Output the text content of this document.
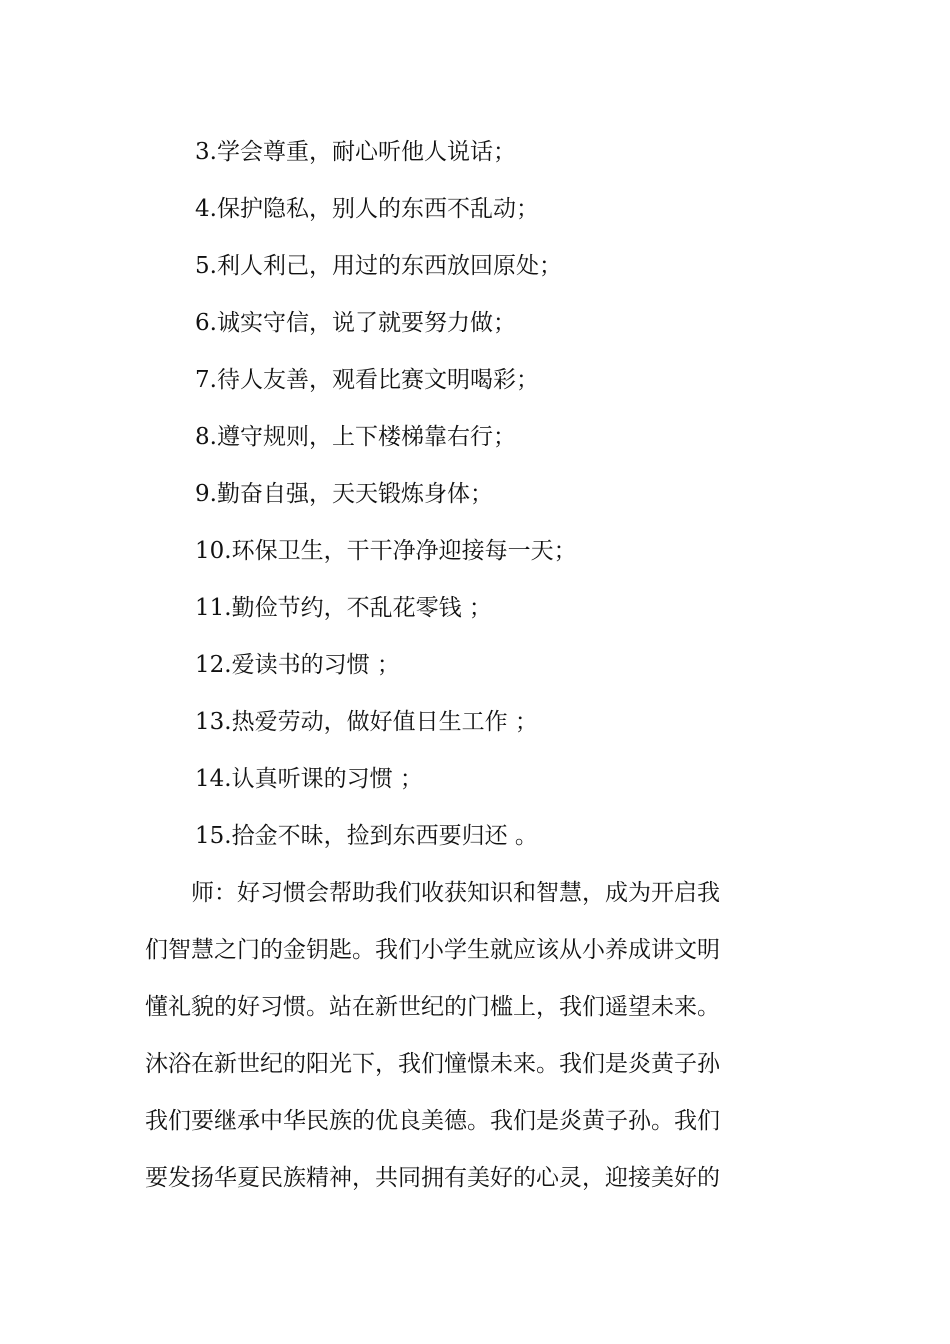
3.学会尊重，耐心听他人说话；

4.保护隐私，别人的东西不乱动；

5.利人利己，用过的东西放回原处；

6.诚实守信，说了就要努力做；

7.待人友善，观看比赛文明喝彩；

8.遵守规则，上下楼梯靠右行；

9.勤奋自强，天天锻炼身体；

10.环保卫生，干干净净迎接每一天；

11.勤俭节约，不乱花零钱 ；

12.爱读书的习惯 ；

13.热爱劳动，做好值日生工作 ；

14.认真听课的习惯 ；

15.拾金不昧，捡到东西要归还 。

师：好习惯会帮助我们收获知识和智慧，成为开启我
们智慧之门的金钥匙。我们小学生就应该从小养成讲文明
懂礼貌的好习惯。站在新世纪的门槛上，我们遥望未来。
沐浴在新世纪的阳光下，我们憧憬未来。我们是炎黄子孙
我们要继承中华民族的优良美德。我们是炎黄子孙。我们
要发扬华夏民族精神，共同拥有美好的心灵，迎接美好的
